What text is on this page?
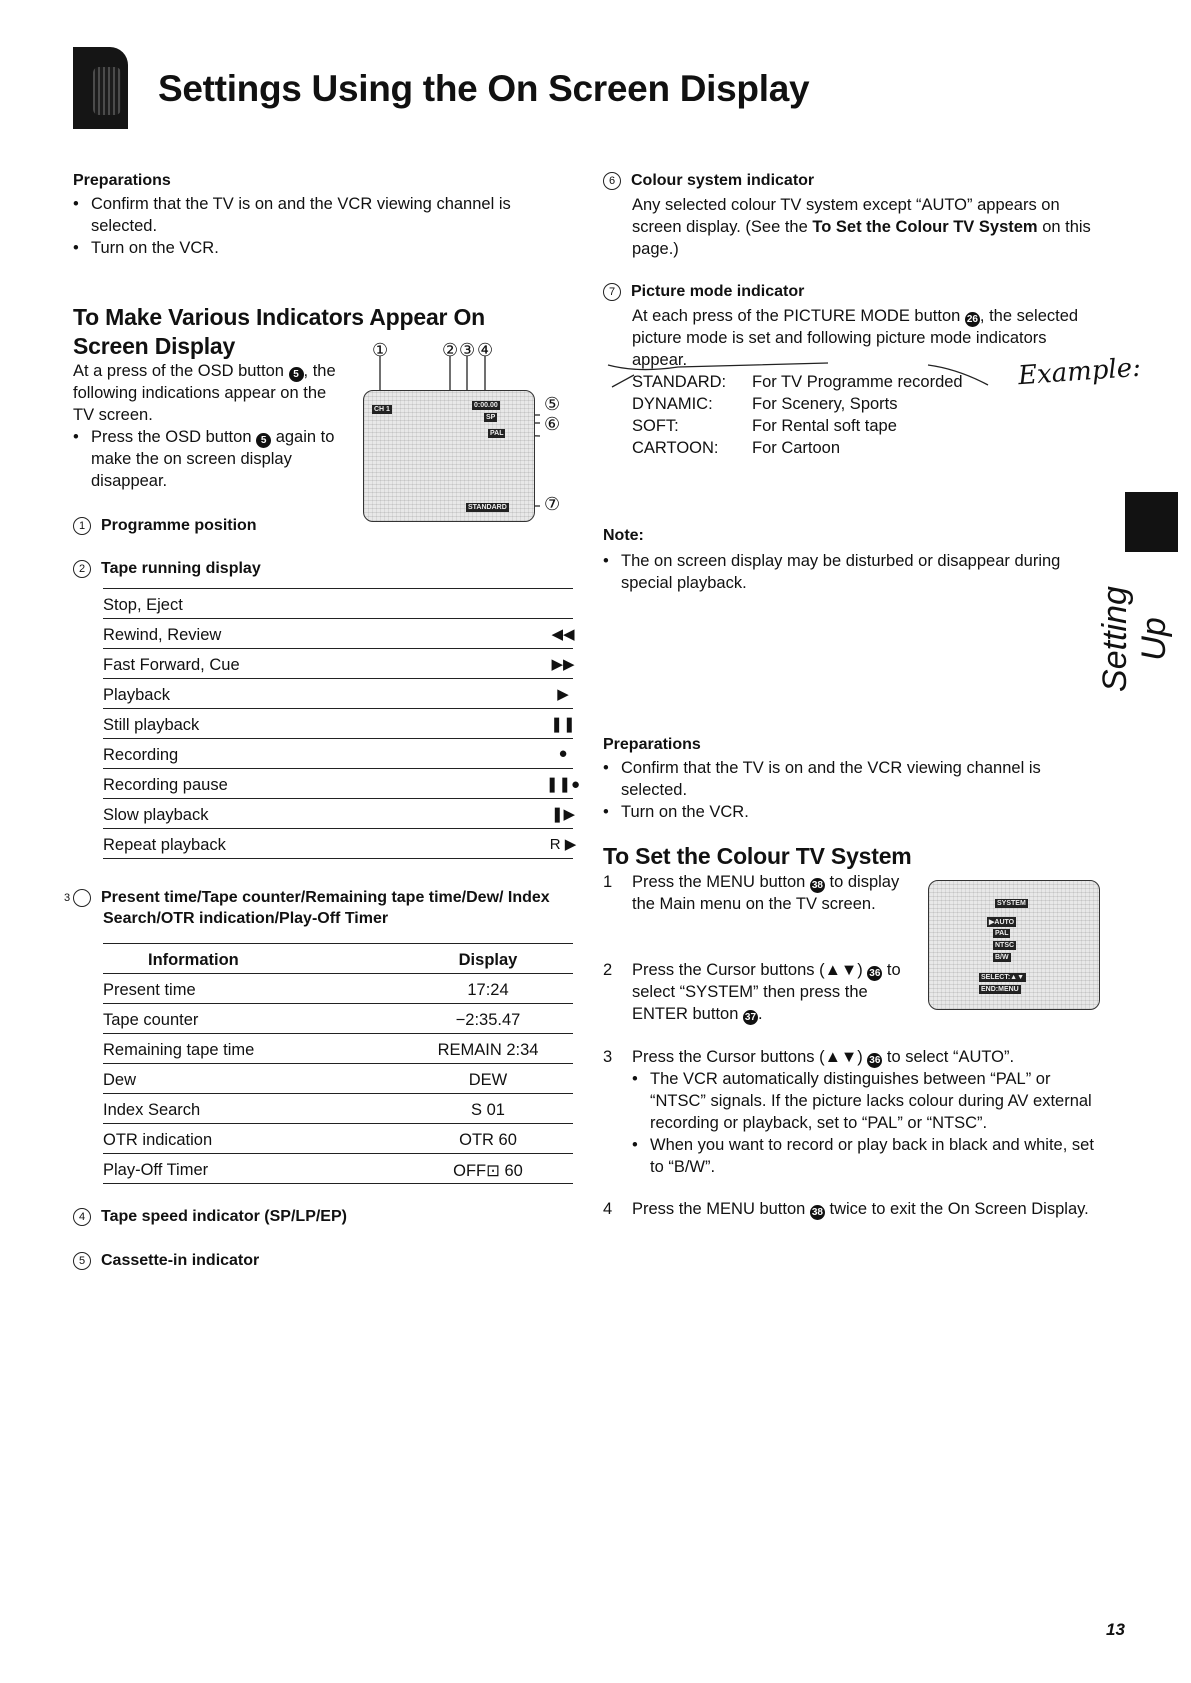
Settings Using the On Screen Display
Preparations
• Confirm that the TV is on and the VCR viewing channel is selected.
• Turn on the VCR.
To Make Various Indicators Appear On
Screen Display
At a press of the OSD button 5 , the following indications appear on the TV screen.
• Press the OSD button 5 again to make the on screen display disappear.
①	② ③ ④
⑤
⑥
⑦
CH 1
0:00.00
SP
PAL
STANDARD
1 Programme position
2 Tape running display
Stop, Eject
Rewind, Review	◀◀
Fast Forward, Cue	▶▶
Playback	▶
Still playback	❚❚
Recording	●
Recording pause	❚❚●
Slow playback	❚▶
Repeat playback	R ▶
3 Present time/Tape counter/Remaining tape time/Dew/ Index Search/OTR indication/Play-Off Timer
Information	Display
Present time	17:24
Tape counter	−2:35.47
Remaining tape time	REMAIN 2:34
Dew	DEW
Index Search	S 01
OTR indication	OTR 60
Play-Off Timer	OFF⊡ 60
4 Tape speed indicator (SP/LP/EP)
5 Cassette-in indicator
6 Colour system indicator
Any selected colour TV system except “AUTO” appears on screen display. (See the To Set the Colour TV System on this page.)
7 Picture mode indicator
At each press of the PICTURE MODE button 26 , the selected picture mode is set and following picture mode indicators appear.	Example:
STANDARD: For TV Programme recorded
DYNAMIC: For Scenery, Sports
SOFT:	For Rental soft tape
CARTOON: For Cartoon
Note:
• The on screen display may be disturbed or disappear during special playback.
Preparations
• Confirm that the TV is on and the VCR viewing channel is selected.
• Turn on the VCR.
To Set the Colour TV System
SYSTEM
▶AUTO
PAL
NTSC
B/W
SELECT:▲▼
END:MENU
1	Press the MENU button 38 to display the Main menu on the TV screen.
2	Press the Cursor buttons (▲▼) 36 to select “SYSTEM” then press the ENTER button 37 .
3	Press the Cursor buttons (▲▼) 36 to select “AUTO”.
• The VCR automatically distinguishes between “PAL” or “NTSC” signals. If the picture lacks colour during AV external recording or playback, set to “PAL” or “NTSC”.
• When you want to record or play back in black and white, set to “B/W”.
4	Press the MENU button 38 twice to exit the On Screen Display.
Setting Up
13
